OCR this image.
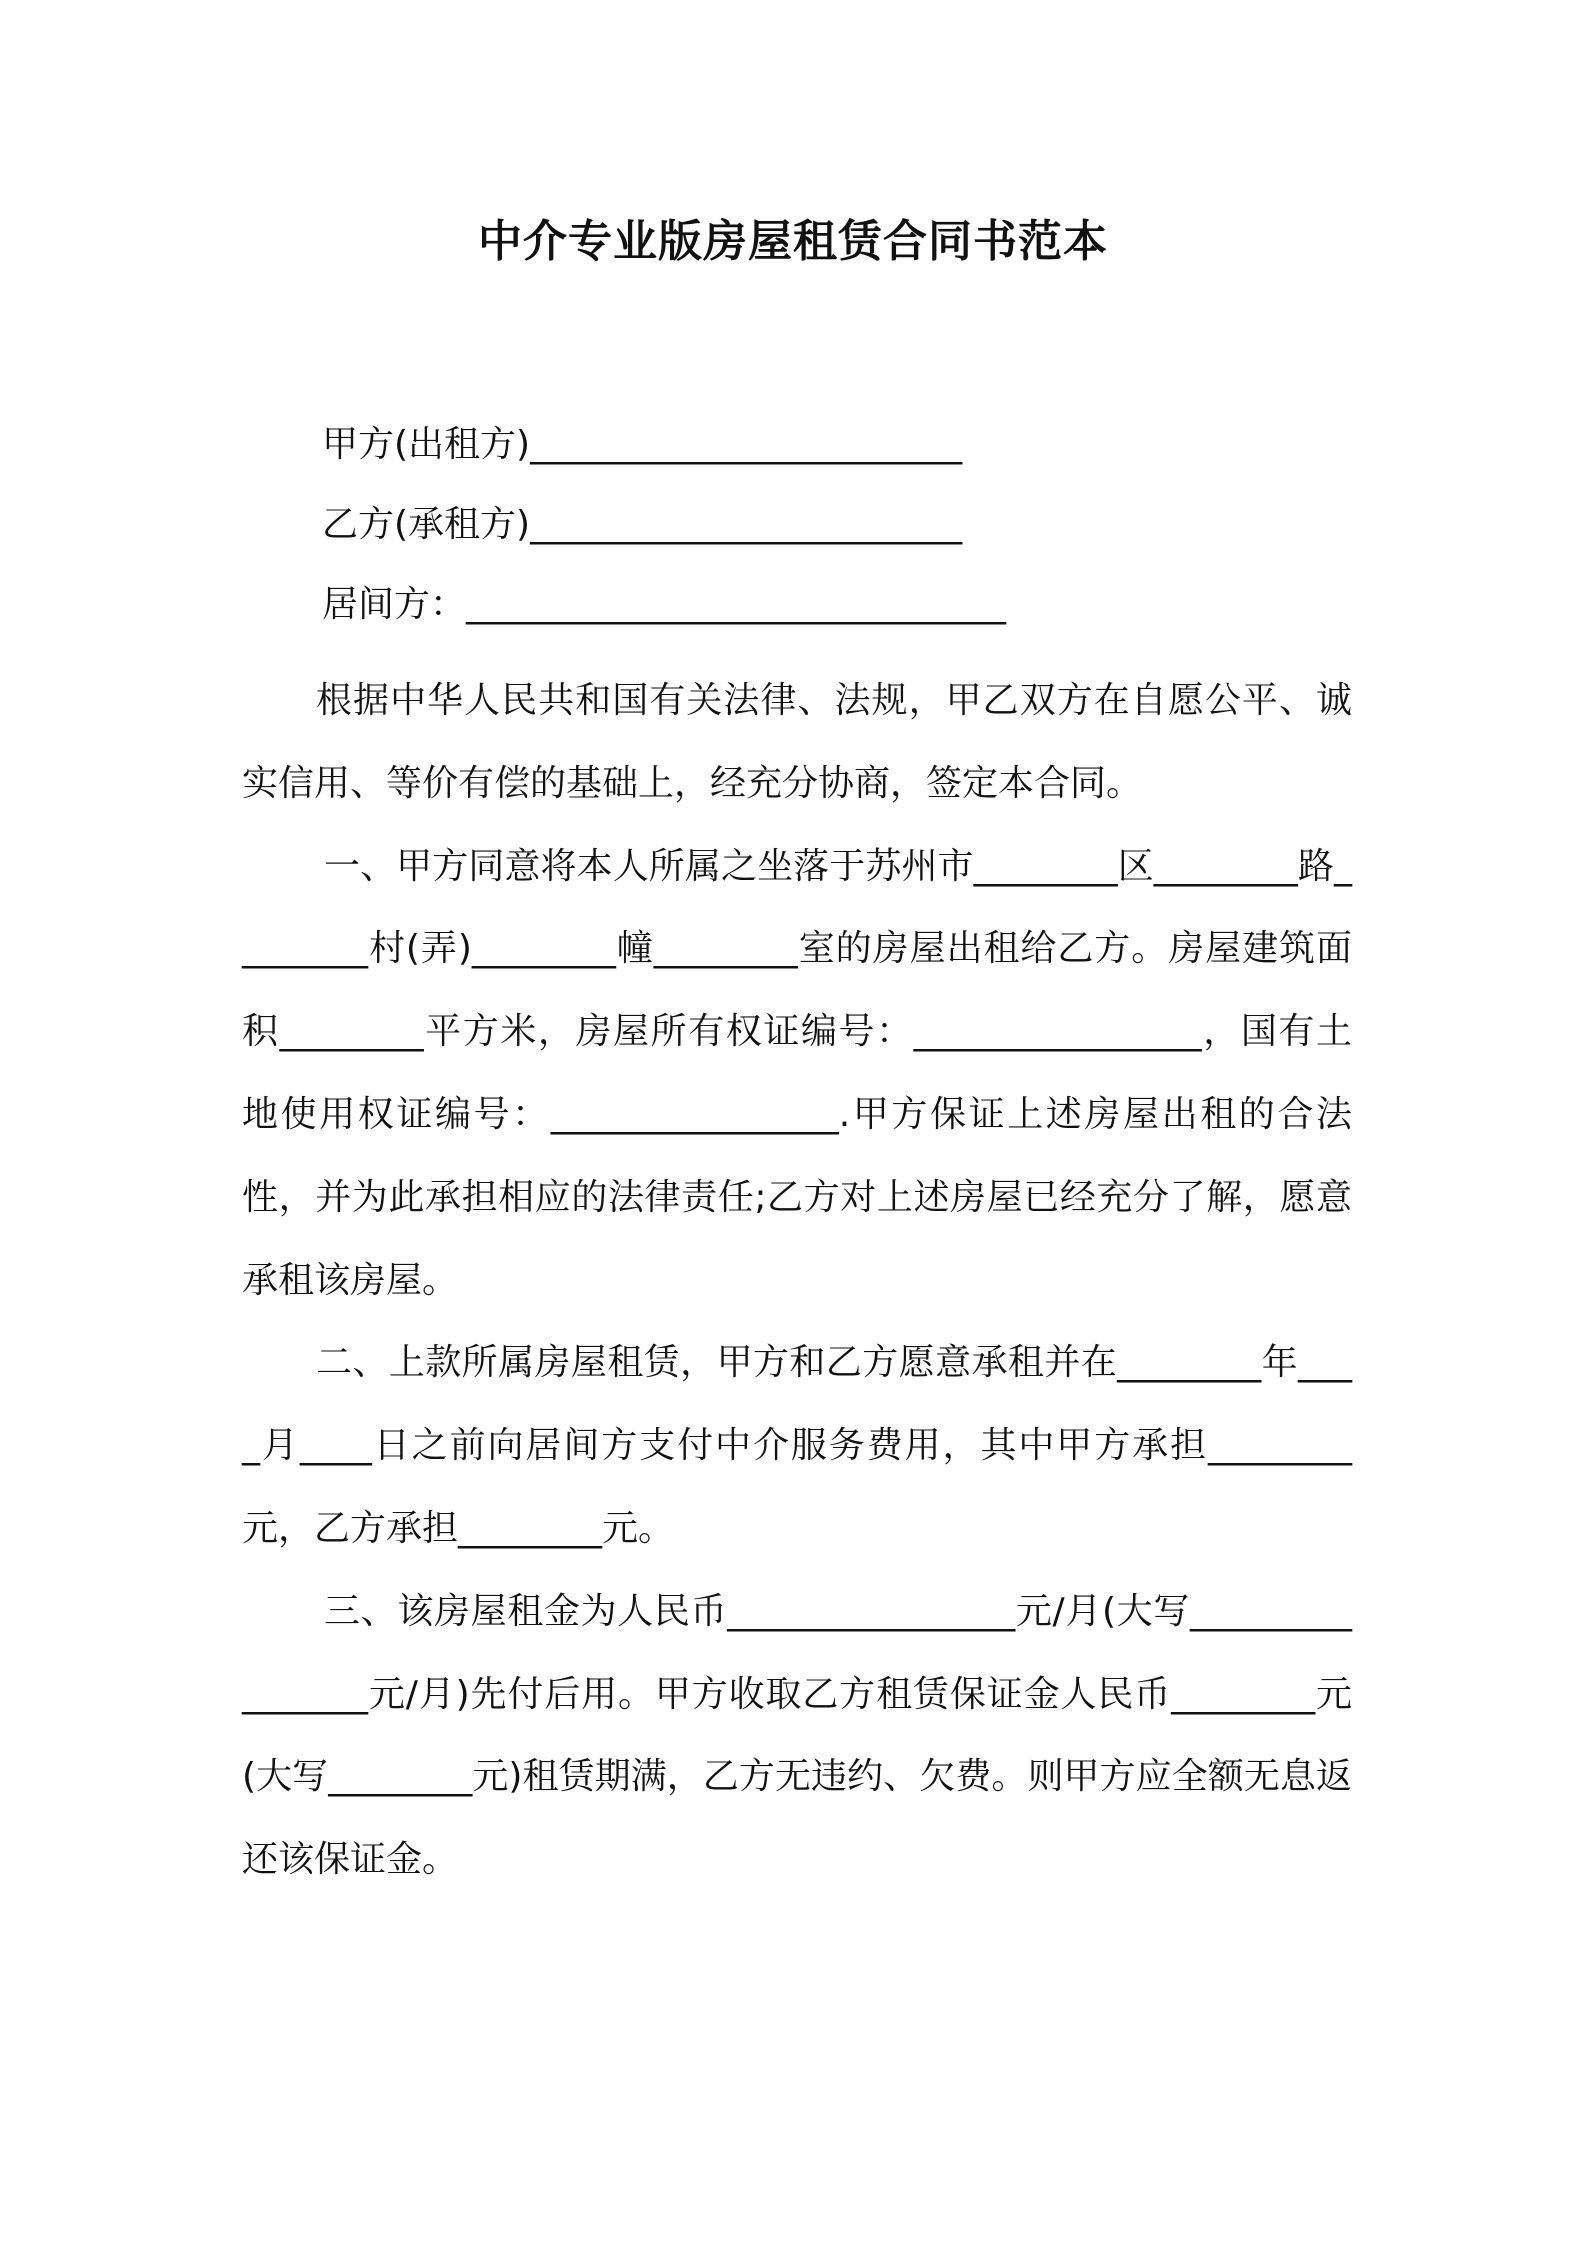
中介专业版房屋租赁合同书范本
甲方(出租方)________________________
乙方(承租方)________________________
居间方：______________________________

根据中华人民共和国有关法律、法规，甲乙双方在自愿公平、诚实信用、等价有偿的基础上，经充分协商，签定本合同。

一、甲方同意将本人所属之坐落于苏州市________区________路________村(弄)________幢________室的房屋出租给乙方。房屋建筑面积________平方米，房屋所有权证编号：________________，国有土地使用权证编号：________________.甲方保证上述房屋出租的合法性，并为此承担相应的法律责任;乙方对上述房屋已经充分了解，愿意承租该房屋。

二、上款所属房屋租赁，甲方和乙方愿意承租并在________年____月____日之前向居间方支付中介服务费用，其中甲方承担________元，乙方承担________元。

三、该房屋租金为人民币________________元/月(大写________________元/月)先付后用。甲方收取乙方租赁保证金人民币________元(大写________元)租赁期满，乙方无违约、欠费。则甲方应全额无息返还该保证金。
